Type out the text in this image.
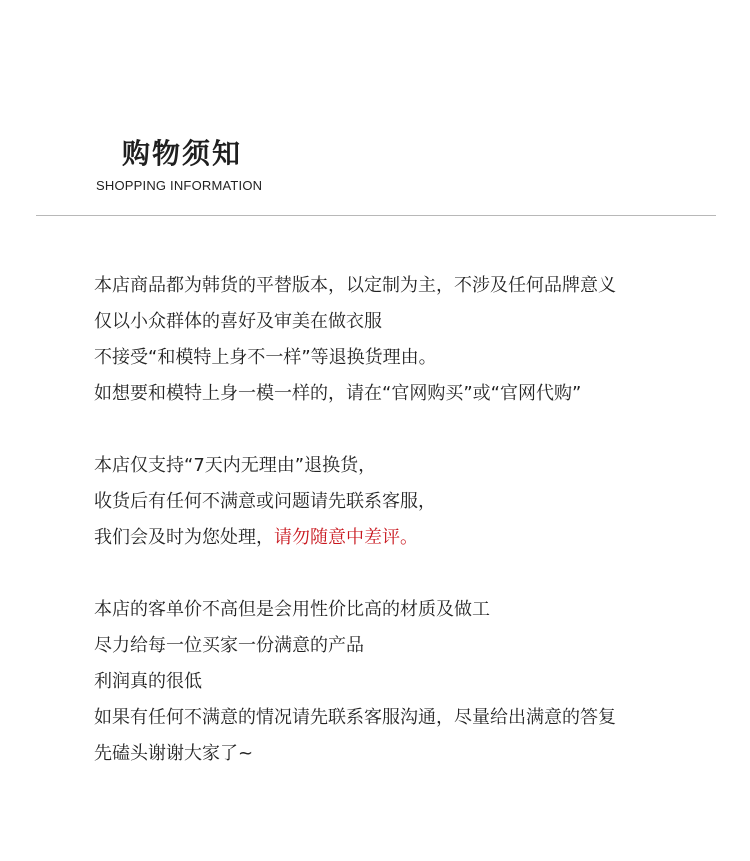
购物须知

SHOPPING INFORMATION

本店商品都为韩货的平替版本，以定制为主，不涉及任何品牌意义
仅以小众群体的喜好及审美在做衣服
不接受“和模特上身不一样”等退换货理由。
如想要和模特上身一模一样的，请在“官网购买”或“官网代购”
本店仅支持“7天内无理由”退换货，
收货后有任何不满意或问题请先联系客服，
我们会及时为您处理，请勿随意中差评。
本店的客单价不高但是会用性价比高的材质及做工
尽力给每一位买家一份满意的产品
利润真的很低
如果有任何不满意的情况请先联系客服沟通，尽量给出满意的答复
先磕头谢谢大家了~
